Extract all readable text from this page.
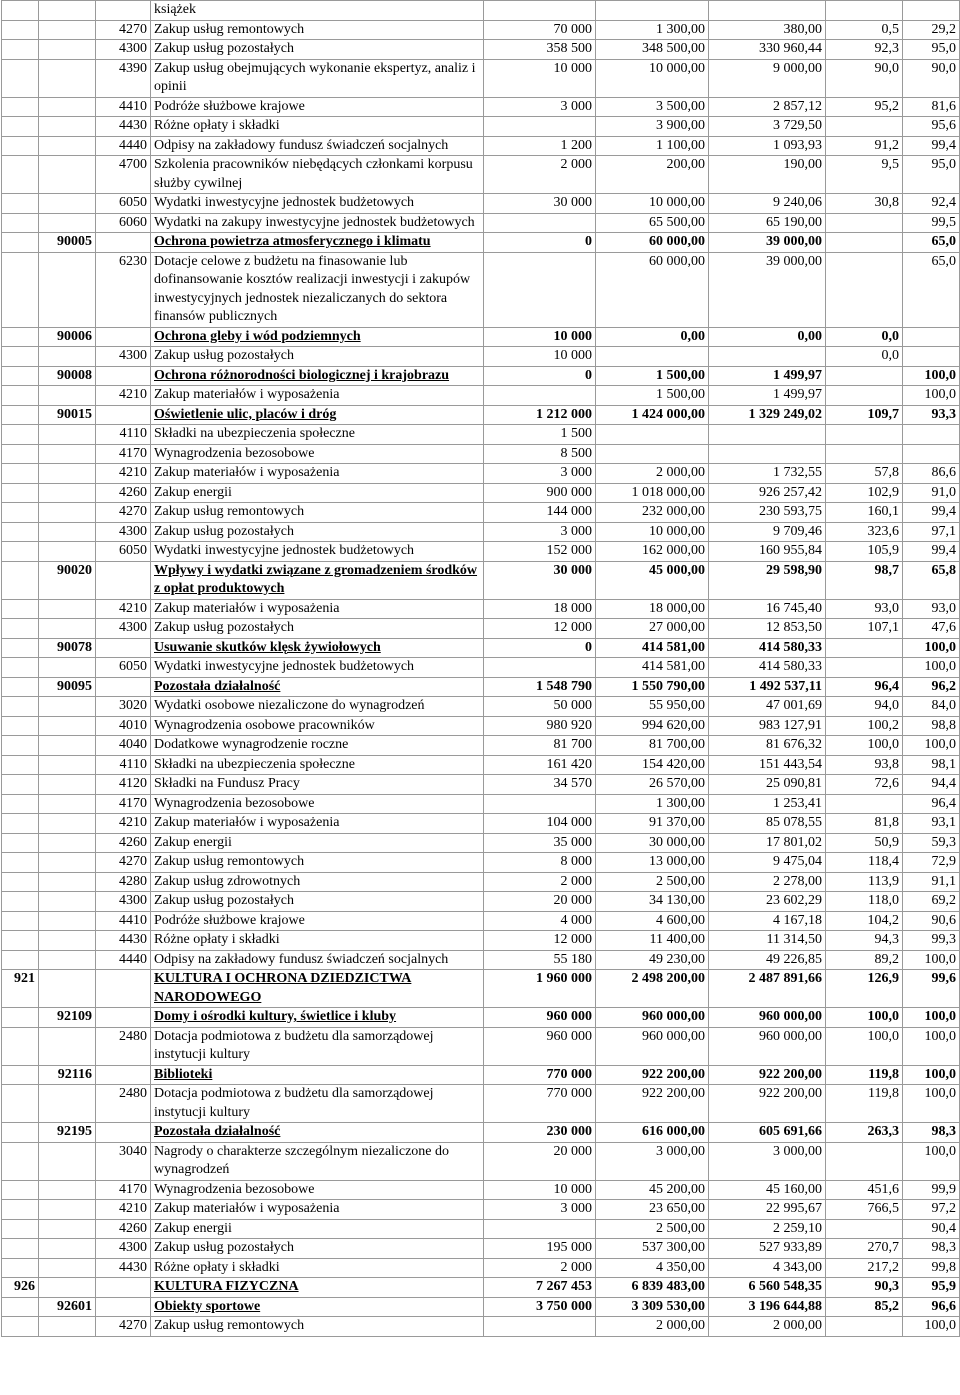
			książek					
		4270	Zakup usług remontowych	70 000	1 300,00	380,00	0,5	29,2
		4300	Zakup usług pozostałych	358 500	348 500,00	330 960,44	92,3	95,0
		4390	Zakup usług obejmujących wykonanie ekspertyz, analiz i opinii	10 000	10 000,00	9 000,00	90,0	90,0
		4410	Podróże służbowe krajowe	3 000	3 500,00	2 857,12	95,2	81,6
		4430	Różne opłaty i składki		3 900,00	3 729,50		95,6
		4440	Odpisy na zakładowy fundusz świadczeń socjalnych	1 200	1 100,00	1 093,93	91,2	99,4
		4700	Szkolenia pracowników niebędących członkami korpusu służby cywilnej	2 000	200,00	190,00	9,5	95,0
		6050	Wydatki inwestycyjne jednostek budżetowych	30 000	10 000,00	9 240,06	30,8	92,4
		6060	Wydatki na zakupy inwestycyjne jednostek budżetowych		65 500,00	65 190,00		99,5
	90005		Ochrona powietrza atmosferycznego i klimatu	0	60 000,00	39 000,00		65,0
		6230	Dotacje celowe z budżetu na finasowanie lub dofinansowanie kosztów realizacji inwestycji i zakupów inwestycyjnych jednostek niezaliczanych do sektora finansów publicznych		60 000,00	39 000,00		65,0
	90006		Ochrona gleby i wód podziemnych	10 000	0,00	0,00	0,0	
		4300	Zakup usług pozostałych	10 000			0,0	
	90008		Ochrona różnorodności biologicznej i krajobrazu	0	1 500,00	1 499,97		100,0
		4210	Zakup materiałów i wyposażenia		1 500,00	1 499,97		100,0
	90015		Oświetlenie ulic, placów i dróg	1 212 000	1 424 000,00	1 329 249,02	109,7	93,3
		4110	Składki na ubezpieczenia społeczne	1 500				
		4170	Wynagrodzenia bezosobowe	8 500				
		4210	Zakup materiałów i wyposażenia	3 000	2 000,00	1 732,55	57,8	86,6
		4260	Zakup energii	900 000	1 018 000,00	926 257,42	102,9	91,0
		4270	Zakup usług remontowych	144 000	232 000,00	230 593,75	160,1	99,4
		4300	Zakup usług pozostałych	3 000	10 000,00	9 709,46	323,6	97,1
		6050	Wydatki inwestycyjne jednostek budżetowych	152 000	162 000,00	160 955,84	105,9	99,4
	90020		Wpływy i wydatki związane z gromadzeniem środków z opłat produktowych	30 000	45 000,00	29 598,90	98,7	65,8
		4210	Zakup materiałów i wyposażenia	18 000	18 000,00	16 745,40	93,0	93,0
		4300	Zakup usług pozostałych	12 000	27 000,00	12 853,50	107,1	47,6
	90078		Usuwanie skutków klęsk żywiołowych	0	414 581,00	414 580,33		100,0
		6050	Wydatki inwestycyjne jednostek budżetowych		414 581,00	414 580,33		100,0
	90095		Pozostała działalność	1 548 790	1 550 790,00	1 492 537,11	96,4	96,2
		3020	Wydatki osobowe niezaliczone do wynagrodzeń	50 000	55 950,00	47 001,69	94,0	84,0
		4010	Wynagrodzenia osobowe pracowników	980 920	994 620,00	983 127,91	100,2	98,8
		4040	Dodatkowe wynagrodzenie roczne	81 700	81 700,00	81 676,32	100,0	100,0
		4110	Składki na ubezpieczenia społeczne	161 420	154 420,00	151 443,54	93,8	98,1
		4120	Składki na Fundusz Pracy	34 570	26 570,00	25 090,81	72,6	94,4
		4170	Wynagrodzenia bezosobowe		1 300,00	1 253,41		96,4
		4210	Zakup materiałów i wyposażenia	104 000	91 370,00	85 078,55	81,8	93,1
		4260	Zakup energii	35 000	30 000,00	17 801,02	50,9	59,3
		4270	Zakup usług remontowych	8 000	13 000,00	9 475,04	118,4	72,9
		4280	Zakup usług zdrowotnych	2 000	2 500,00	2 278,00	113,9	91,1
		4300	Zakup usług pozostałych	20 000	34 130,00	23 602,29	118,0	69,2
		4410	Podróże służbowe krajowe	4 000	4 600,00	4 167,18	104,2	90,6
		4430	Różne opłaty i składki	12 000	11 400,00	11 314,50	94,3	99,3
		4440	Odpisy na zakładowy fundusz świadczeń socjalnych	55 180	49 230,00	49 226,85	89,2	100,0
921			KULTURA I OCHRONA DZIEDZICTWA NARODOWEGO	1 960 000	2 498 200,00	2 487 891,66	126,9	99,6
	92109		Domy i ośrodki kultury, świetlice i kluby	960 000	960 000,00	960 000,00	100,0	100,0
		2480	Dotacja podmiotowa z budżetu dla samorządowej instytucji kultury	960 000	960 000,00	960 000,00	100,0	100,0
	92116		Biblioteki	770 000	922 200,00	922 200,00	119,8	100,0
		2480	Dotacja podmiotowa z budżetu dla samorządowej instytucji kultury	770 000	922 200,00	922 200,00	119,8	100,0
	92195		Pozostała działalność	230 000	616 000,00	605 691,66	263,3	98,3
		3040	Nagrody o charakterze szczególnym niezaliczone do wynagrodzeń	20 000	3 000,00	3 000,00		100,0
		4170	Wynagrodzenia bezosobowe	10 000	45 200,00	45 160,00	451,6	99,9
		4210	Zakup materiałów i wyposażenia	3 000	23 650,00	22 995,67	766,5	97,2
		4260	Zakup energii		2 500,00	2 259,10		90,4
		4300	Zakup usług pozostałych	195 000	537 300,00	527 933,89	270,7	98,3
		4430	Różne opłaty i składki	2 000	4 350,00	4 343,00	217,2	99,8
926			KULTURA FIZYCZNA	7 267 453	6 839 483,00	6 560 548,35	90,3	95,9
	92601		Obiekty sportowe	3 750 000	3 309 530,00	3 196 644,88	85,2	96,6
		4270	Zakup usług remontowych		2 000,00	2 000,00		100,0
